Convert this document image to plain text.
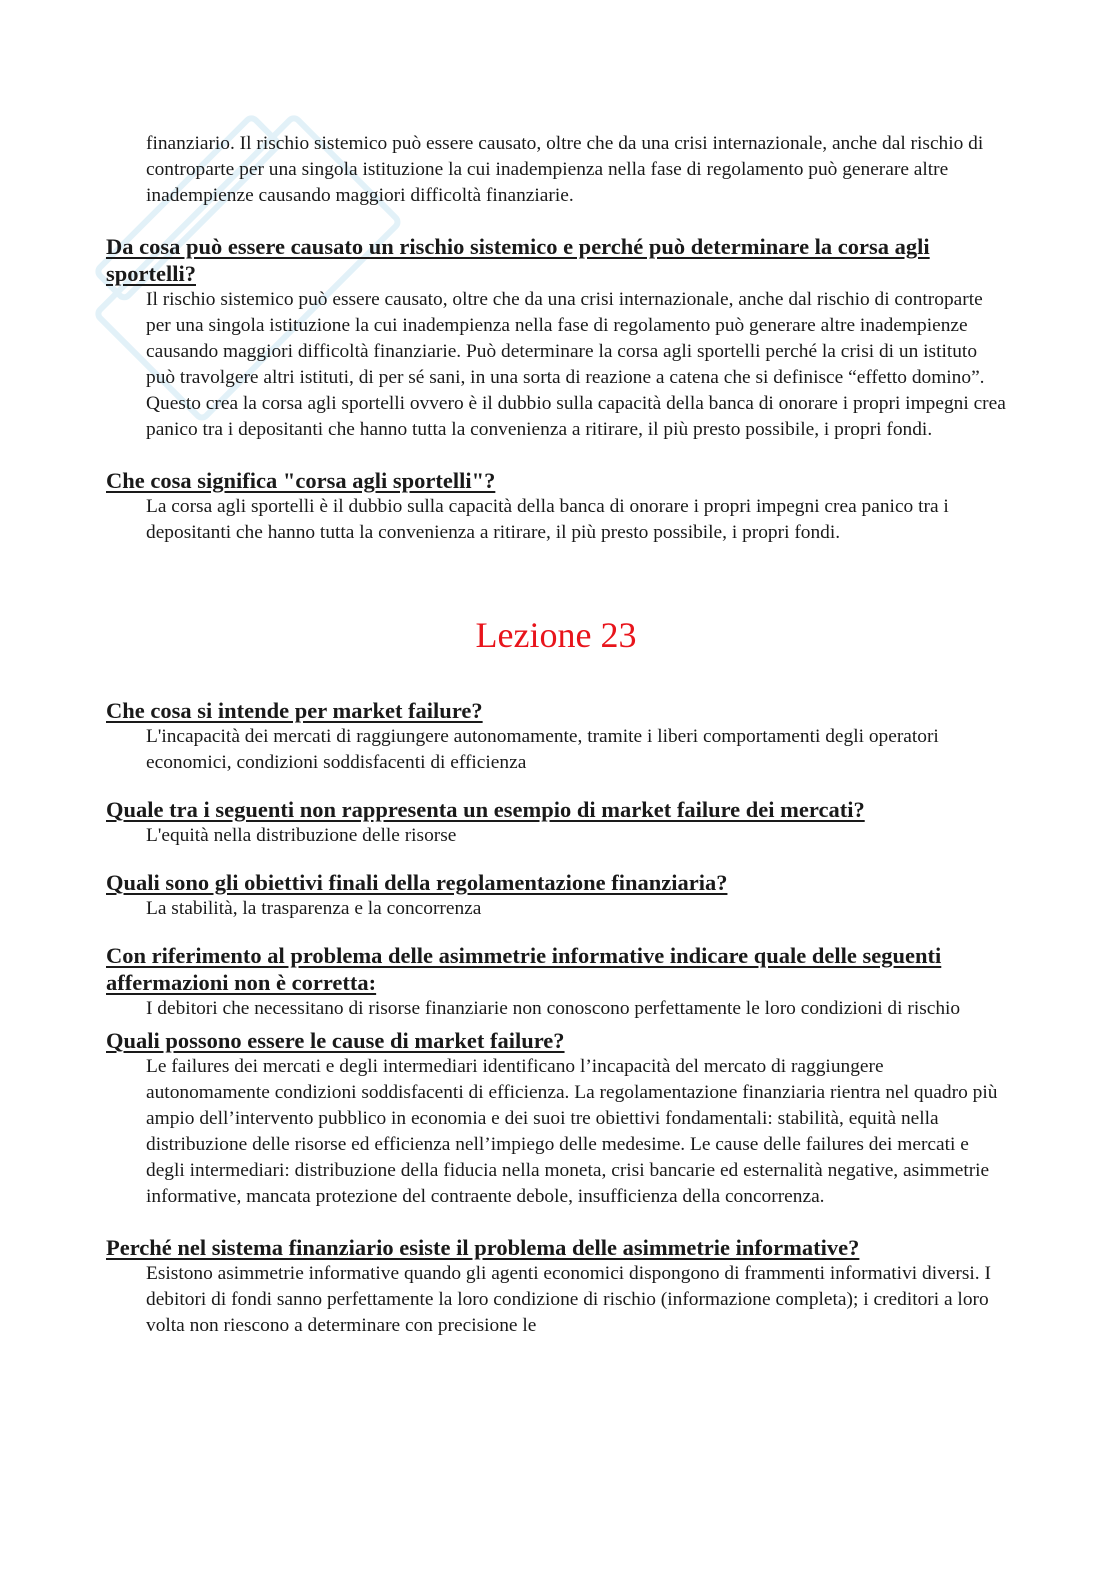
finanziario. Il rischio sistemico può essere causato, oltre che da una crisi internazionale, anche dal rischio di controparte per una singola istituzione la cui inadempienza nella fase di regolamento può generare altre inadempienze causando maggiori difficoltà finanziarie.

Da cosa può essere causato un rischio sistemico e perché può determinare la corsa agli sportelli?

Il rischio sistemico può essere causato, oltre che da una crisi internazionale, anche dal rischio di controparte per una singola istituzione la cui inadempienza nella fase di regolamento può generare altre inadempienze causando maggiori difficoltà finanziarie. Può determinare la corsa agli sportelli perché la crisi di un istituto può travolgere altri istituti, di per sé sani, in una sorta di reazione a catena che si definisce “effetto domino”. Questo crea la corsa agli sportelli ovvero è il dubbio sulla capacità della banca di onorare i propri impegni crea panico tra i depositanti che hanno tutta la convenienza a ritirare, il più presto possibile, i propri fondi.

Che cosa significa "corsa agli sportelli"?

La corsa agli sportelli è il dubbio sulla capacità della banca di onorare i propri impegni crea panico tra i depositanti che hanno tutta la convenienza a ritirare, il più presto possibile, i propri fondi.

Lezione 23

Che cosa si intende per market failure?

L'incapacità dei mercati di raggiungere autonomamente, tramite i liberi comportamenti degli operatori economici, condizioni soddisfacenti di efficienza

Quale tra i seguenti non rappresenta un esempio di market failure dei mercati?

L'equità nella distribuzione delle risorse

Quali sono gli obiettivi finali della regolamentazione finanziaria?

La stabilità, la trasparenza e la concorrenza

Con riferimento al problema delle asimmetrie informative indicare quale delle seguenti affermazioni non è corretta:

I debitori che necessitano di risorse finanziarie non conoscono perfettamente le loro condizioni di rischio

Quali possono essere le cause di market failure?

Le failures dei mercati e degli intermediari identificano l’incapacità del mercato di raggiungere autonomamente condizioni soddisfacenti di efficienza. La regolamentazione finanziaria rientra nel quadro più ampio dell’intervento pubblico in economia e dei suoi tre obiettivi fondamentali: stabilità, equità nella distribuzione delle risorse ed efficienza nell’impiego delle medesime. Le cause delle failures dei mercati e degli intermediari: distribuzione della fiducia nella moneta, crisi bancarie ed esternalità negative, asimmetrie informative, mancata protezione del contraente debole, insufficienza della concorrenza.

Perché nel sistema finanziario esiste il problema delle asimmetrie informative?

Esistono asimmetrie informative quando gli agenti economici dispongono di frammenti informativi diversi. I debitori di fondi sanno perfettamente la loro condizione di rischio (informazione completa); i creditori a loro volta non riescono a determinare con precisione le
